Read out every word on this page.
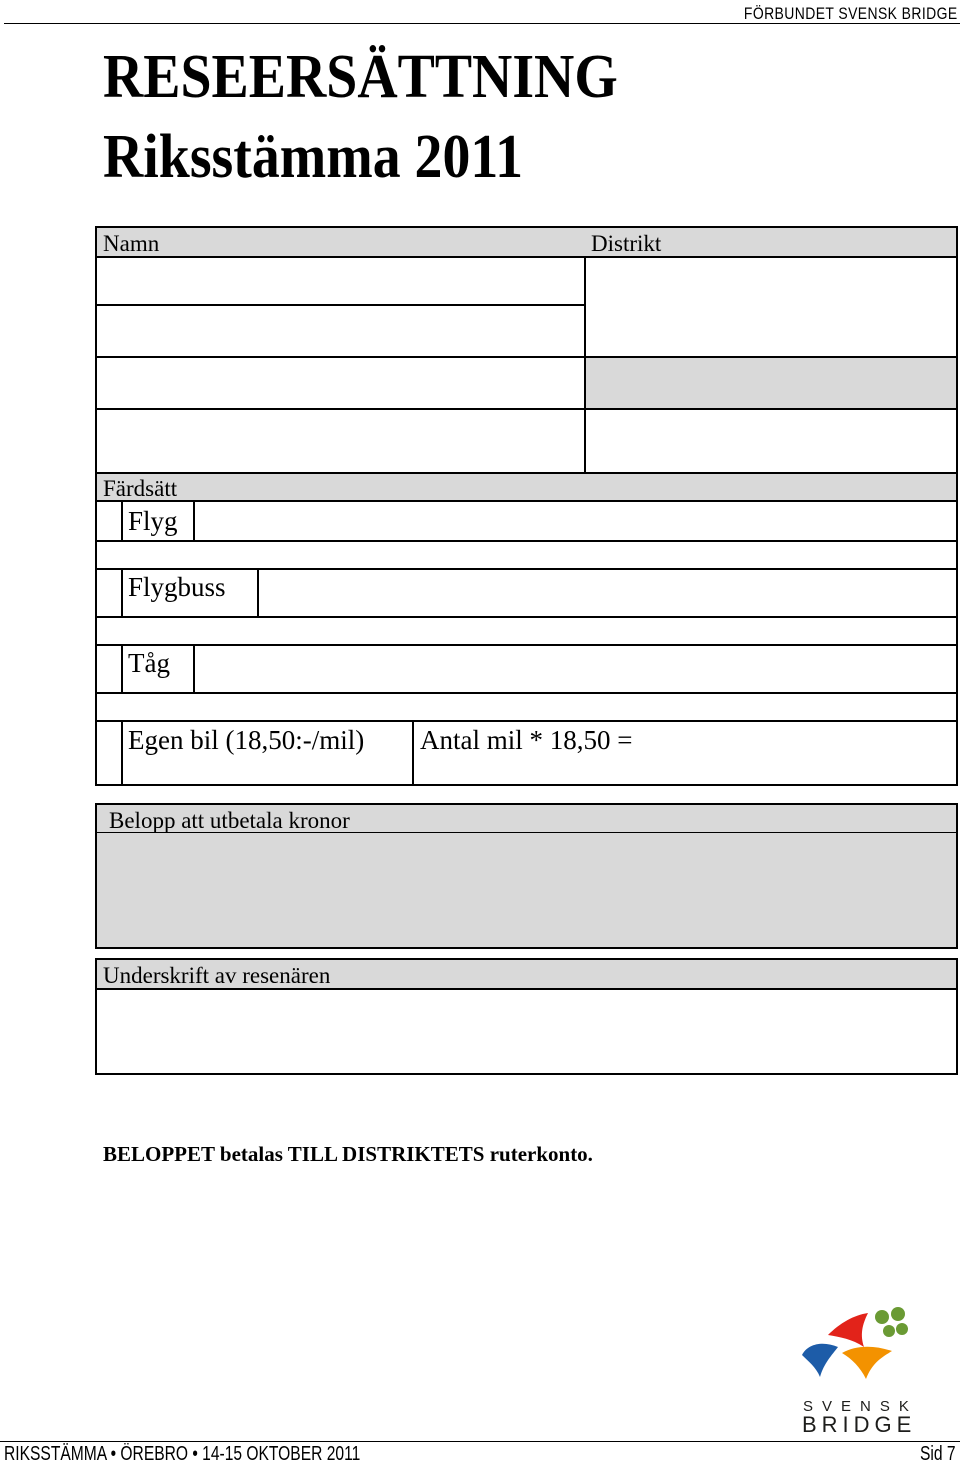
FÖRBUNDET SVENSK BRIDGE
RESEERSÄTTNING
Riksstämma 2011
Namn	Distrikt
Färdsätt
Flyg
Flygbuss
Tåg
Egen bil (18,50:-/mil) Antal mil * 18,50 =
Belopp att utbetala kronor
Underskrift av resenären
BELOPPET betalas TILL DISTRIKTETS ruterkonto.
SVENSK
BRIDGE
RIKSSTÄMMA • ÖREBRO • 14-15 OKTOBER 2011	Sid 7
